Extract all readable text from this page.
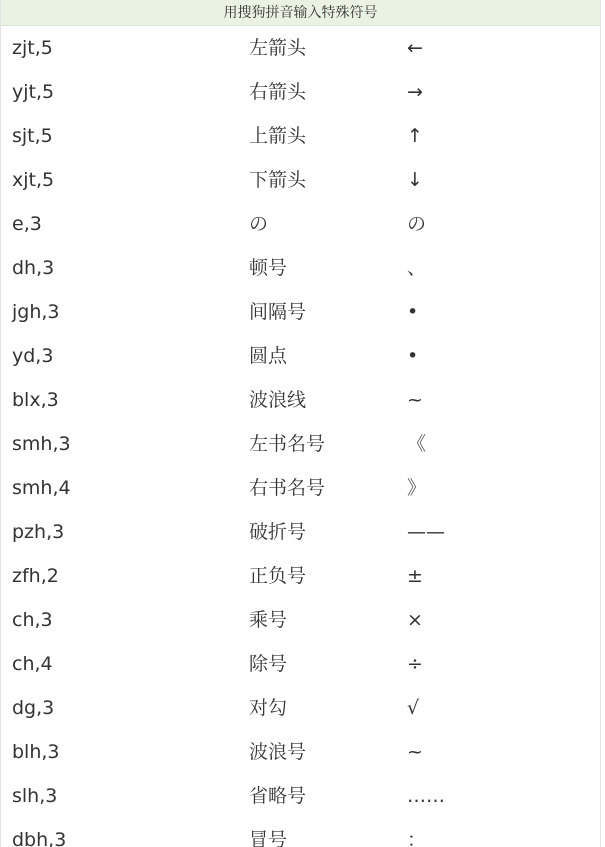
用搜狗拼音输入特殊符号
zjt,5	左箭头	←
yjt,5	右箭头	→
sjt,5	上箭头	↑
xjt,5	下箭头	↓
e,3	の	の
dh,3	顿号	、
jgh,3	间隔号	•
yd,3	圆点	•
blx,3	波浪线	~
smh,3	左书名号	《
smh,4	右书名号	》
pzh,3	破折号	——
zfh,2	正负号	±
ch,3	乘号	×
ch,4	除号	÷
dg,3	对勾	√
blh,3	波浪号	~
slh,3	省略号	……
dbh,3	冒号	：
